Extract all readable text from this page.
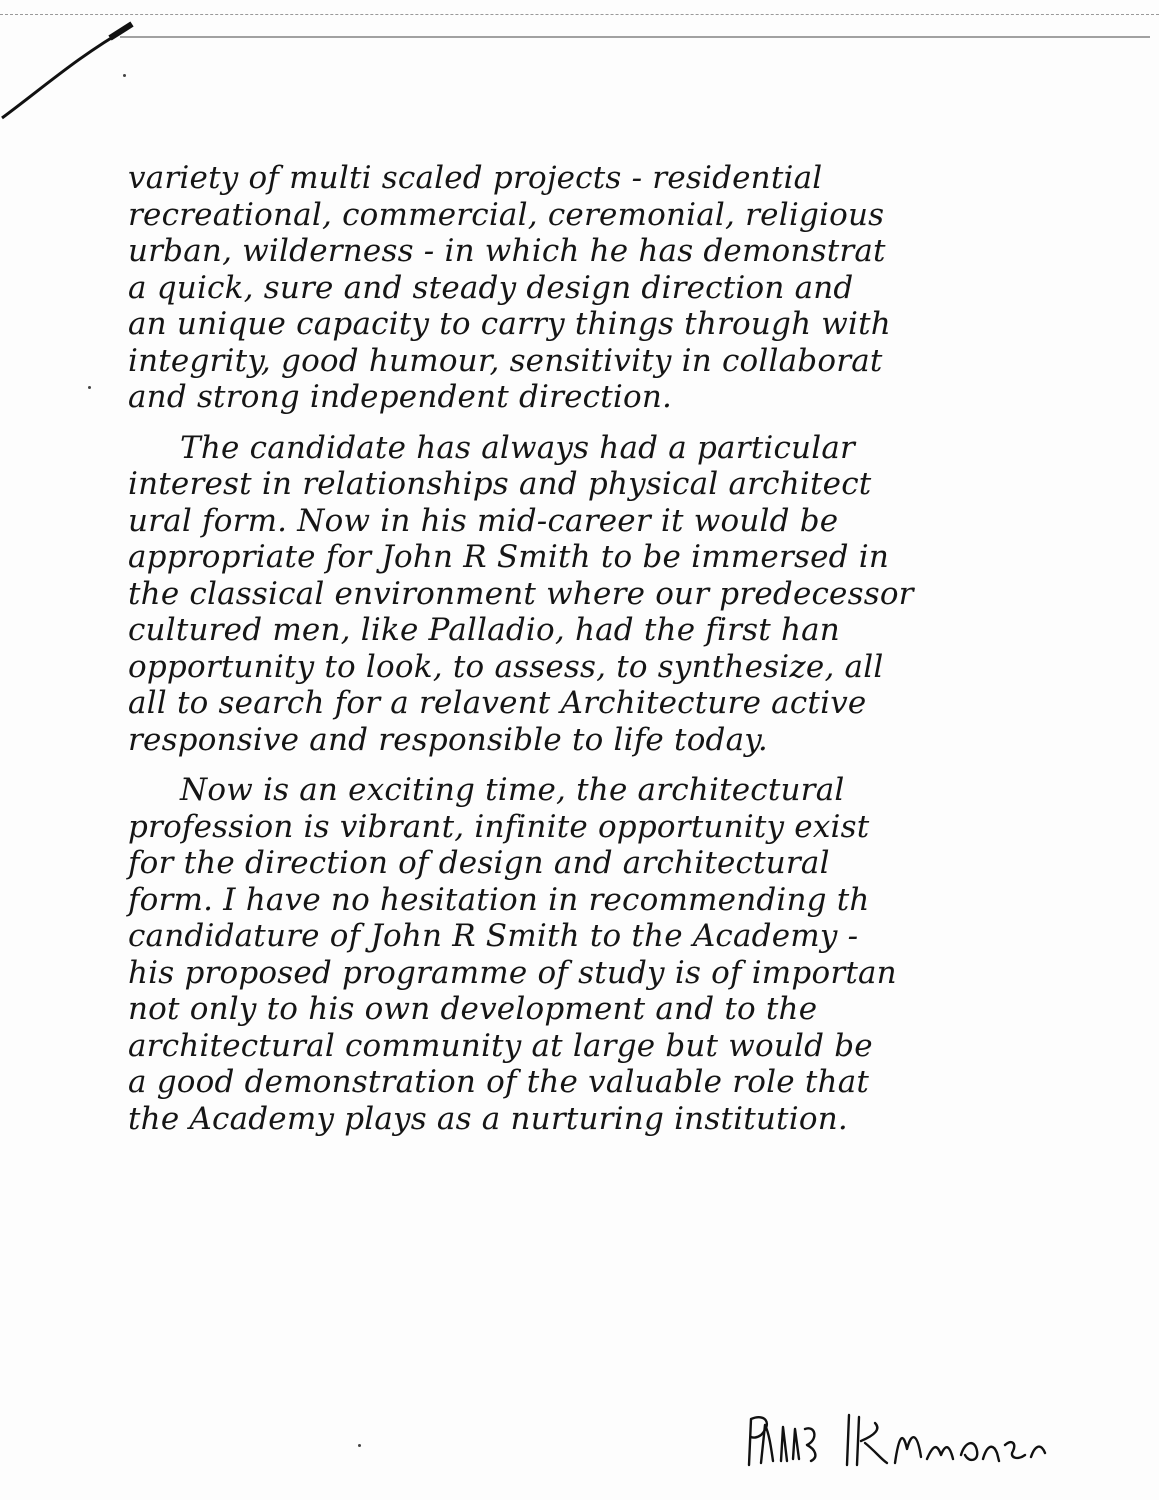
variety of multi scaled projects - residential
recreational, commercial, ceremonial, religious
urban, wilderness - in which he has demonstrat
a quick, sure and steady design direction and
an unique capacity to carry things through with
integrity, good humour, sensitivity in collaborat
and strong independent direction.
The candidate has always had a particular
interest in relationships and physical architect
ural form. Now in his mid-career it would be
appropriate for John R Smith to be immersed in
the classical environment where our predecessor
cultured men, like Palladio, had the first han
opportunity to look, to assess, to synthesize, all
all to search for a relavent Architecture active
responsive and responsible to life today.
Now is an exciting time, the architectural
profession is vibrant, infinite opportunity exist
for the direction of design and architectural
form. I have no hesitation in recommending th
candidature of John R Smith to the Academy -
his proposed programme of study is of importan
not only to his own development and to the
architectural community at large but would be
a good demonstration of the valuable role that
the Academy plays as a nurturing institution.
